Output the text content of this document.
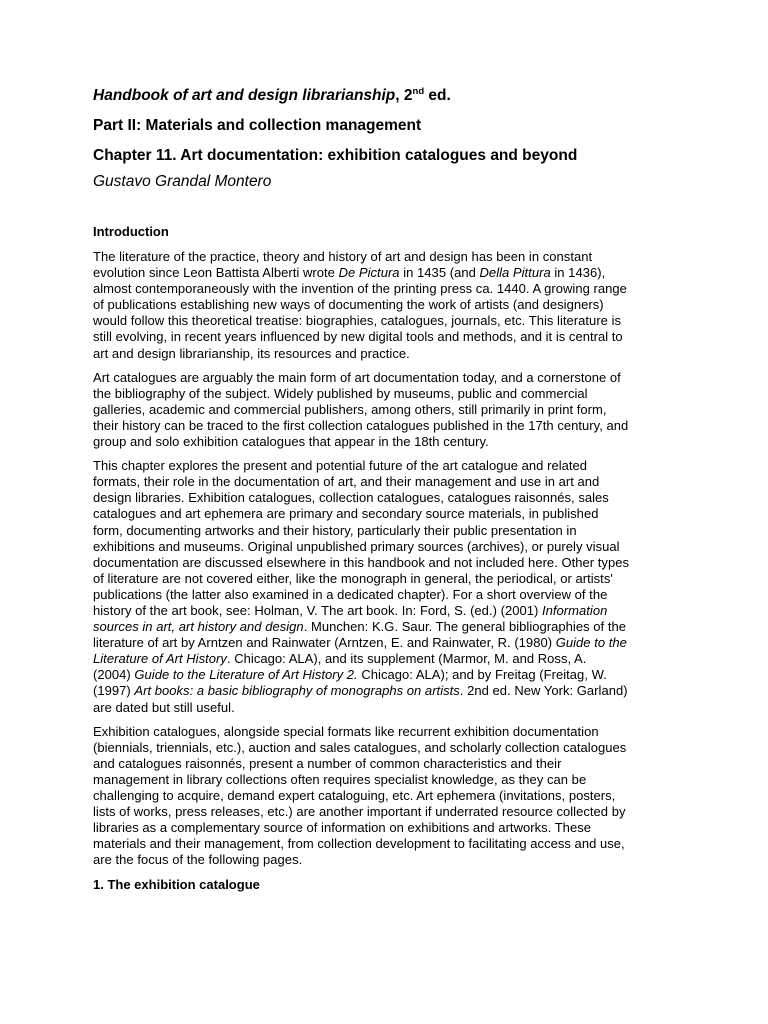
Handbook of art and design librarianship, 2nd ed.
Part II: Materials and collection management
Chapter 11. Art documentation: exhibition catalogues and beyond
Gustavo Grandal Montero
Introduction

The literature of the practice, theory and history of art and design has been in constant
evolution since Leon Battista Alberti wrote De Pictura in 1435 (and Della Pittura in 1436),
almost contemporaneously with the invention of the printing press ca. 1440. A growing range
of publications establishing new ways of documenting the work of artists (and designers)
would follow this theoretical treatise: biographies, catalogues, journals, etc. This literature is
still evolving, in recent years influenced by new digital tools and methods, and it is central to
art and design librarianship, its resources and practice.

Art catalogues are arguably the main form of art documentation today, and a cornerstone of
the bibliography of the subject. Widely published by museums, public and commercial
galleries, academic and commercial publishers, among others, still primarily in print form,
their history can be traced to the first collection catalogues published in the 17th century, and
group and solo exhibition catalogues that appear in the 18th century.

This chapter explores the present and potential future of the art catalogue and related
formats, their role in the documentation of art, and their management and use in art and
design libraries. Exhibition catalogues, collection catalogues, catalogues raisonnés, sales
catalogues and art ephemera are primary and secondary source materials, in published
form, documenting artworks and their history, particularly their public presentation in
exhibitions and museums. Original unpublished primary sources (archives), or purely visual
documentation are discussed elsewhere in this handbook and not included here. Other types
of literature are not covered either, like the monograph in general, the periodical, or artists'
publications (the latter also examined in a dedicated chapter). For a short overview of the
history of the art book, see: Holman, V. The art book. In: Ford, S. (ed.) (2001) Information
sources in art, art history and design. Munchen: K.G. Saur. The general bibliographies of the
literature of art by Arntzen and Rainwater (Arntzen, E. and Rainwater, R. (1980) Guide to the
Literature of Art History. Chicago: ALA), and its supplement (Marmor, M. and Ross, A.
(2004) Guide to the Literature of Art History 2. Chicago: ALA); and by Freitag (Freitag, W.
(1997) Art books: a basic bibliography of monographs on artists. 2nd ed. New York: Garland)
are dated but still useful.

Exhibition catalogues, alongside special formats like recurrent exhibition documentation
(biennials, triennials, etc.), auction and sales catalogues, and scholarly collection catalogues
and catalogues raisonnés, present a number of common characteristics and their
management in library collections often requires specialist knowledge, as they can be
challenging to acquire, demand expert cataloguing, etc. Art ephemera (invitations, posters,
lists of works, press releases, etc.) are another important if underrated resource collected by
libraries as a complementary source of information on exhibitions and artworks. These
materials and their management, from collection development to facilitating access and use,
are the focus of the following pages.

1. The exhibition catalogue
